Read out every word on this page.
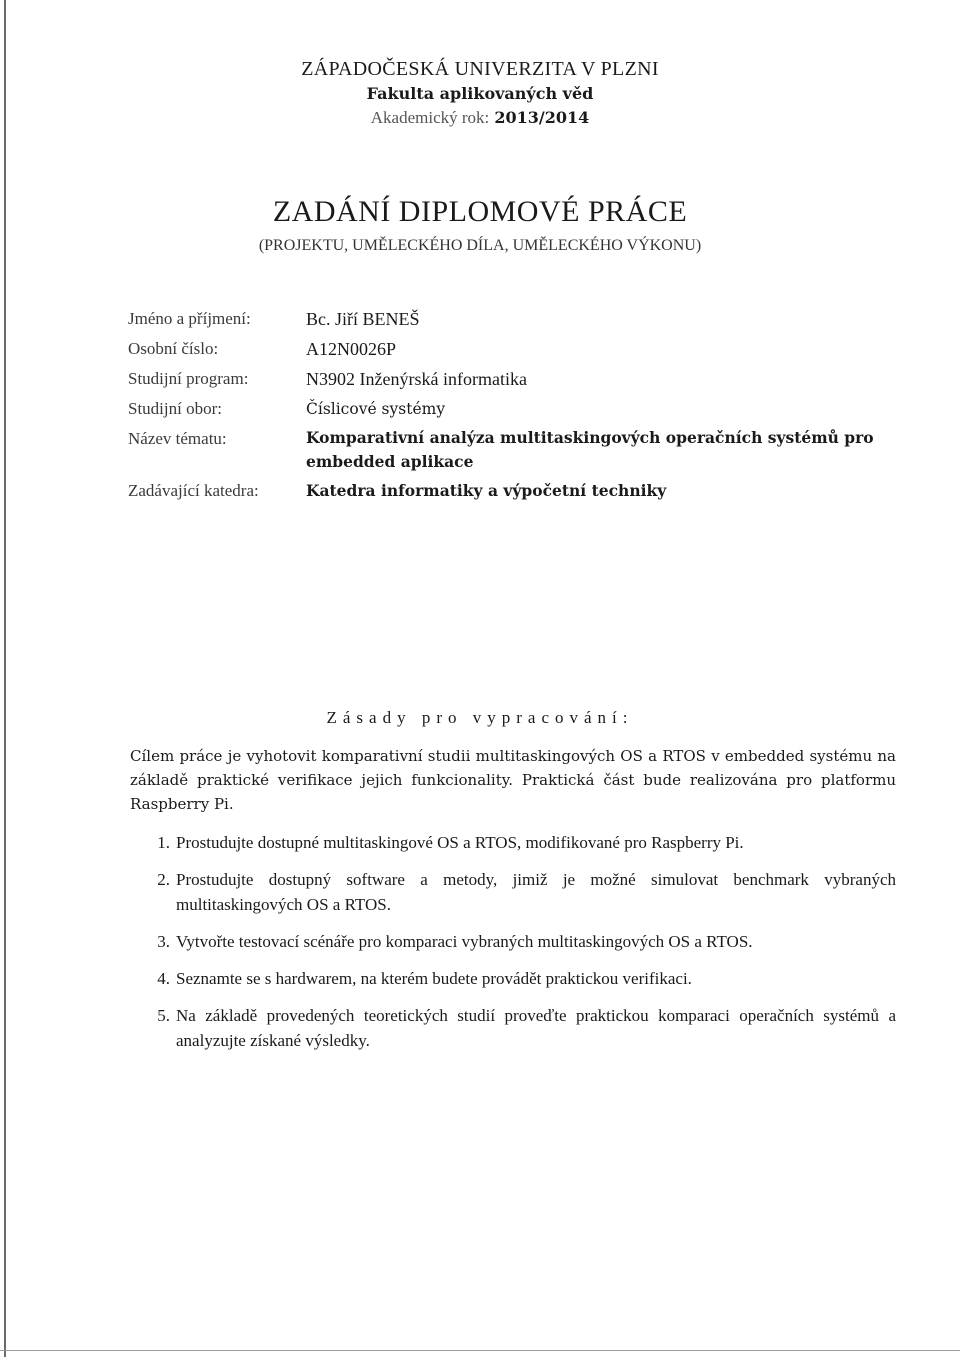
ZÁPADOČESKÁ UNIVERZITA V PLZNI
Fakulta aplikovaných věd
Akademický rok: 2013/2014
ZADÁNÍ DIPLOMOVÉ PRÁCE
(PROJEKTU, UMĚLECKÉHO DÍLA, UMĚLECKÉHO VÝKONU)
Jméno a příjmení:	Bc. Jiří BENEŠ
Osobní číslo:	A12N0026P
Studijní program:	N3902 Inženýrská informatika
Studijní obor:	Číslicové systémy
Název tématu:	Komparativní analýza multitaskingových operačních systémů pro embedded aplikace
Zadávající katedra:	Katedra informatiky a výpočetní techniky
Zásady pro vypracování:
Cílem práce je vyhotovit komparativní studii multitaskingových OS a RTOS v embedded systému na základě praktické verifikace jejich funkcionality. Praktická část bude realizována pro platformu Raspberry Pi.
1. Prostudujte dostupné multitaskingové OS a RTOS, modifikované pro Raspberry Pi.
2. Prostudujte dostupný software a metody, jimiž je možné simulovat benchmark vybraných multitaskingových OS a RTOS.
3. Vytvořte testovací scénáře pro komparaci vybraných multitaskingových OS a RTOS.
4. Seznamte se s hardwarem, na kterém budete provádět praktickou verifikaci.
5. Na základě provedených teoretických studií proveďte praktickou komparaci operačních systémů a analyzujte získané výsledky.
